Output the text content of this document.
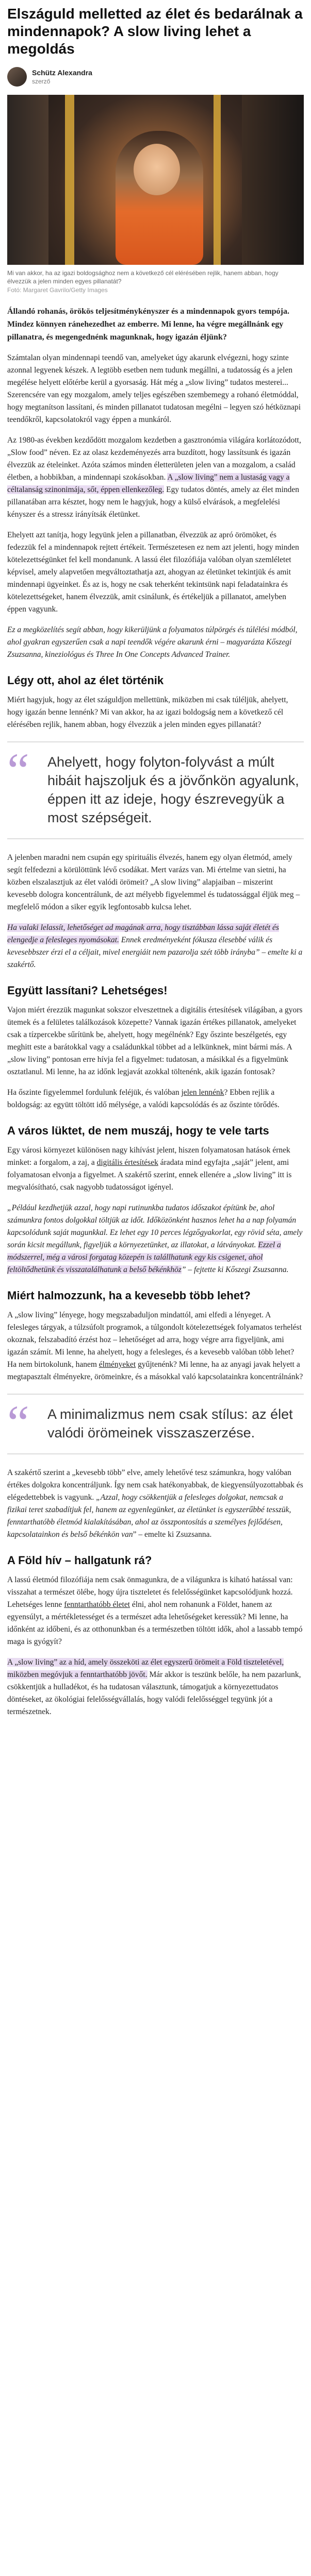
Elszáguld melletted az élet és bedarálnak a mindennapok? A slow living lehet a megoldás
Schütz Alexandra
szerző
Mi van akkor, ha az igazi boldogsághoz nem a következő cél elérésében rejlik, hanem abban, hogy élvezzük a jelen minden egyes pillanatát?
Fotó: Margaret Gavrilo/Getty Images

Állandó rohanás, örökös teljesítménykényszer és a mindennapok gyors tempója. Mindez könnyen ránehezedhet az emberre. Mi lenne, ha végre megállnánk egy pillanatra, és megengednénk magunknak, hogy igazán éljünk?

Számtalan olyan mindennapi teendő van, amelyeket úgy akarunk elvégezni, hogy szinte azonnal legyenek készek. A legtöbb esetben nem tudunk megállni, a tudatosság és a jelen megélése helyett előtérbe kerül a gyorsaság. Hát még a „slow living” tudatos mesterei... Szerencsére van egy mozgalom, amely teljes egészében szembemegy a rohanó életmóddal, hogy megtanítson lassítani, és minden pillanatot tudatosan megélni – legyen szó hétköznapi teendőkről, kapcsolatokról vagy éppen a munkáról.

Az 1980-as években kezdődött mozgalom kezdetben a gasztronómia világára korlátozódott, „Slow food” néven. Ez az olasz kezdeményezés arra buzdított, hogy lassítsunk és igazán élvezzük az ételeinket. Azóta számos minden életterületen jelen van a mozgalom, a család életben, a hobbikban, a mindennapi szokásokban. A „slow living” nem a lustaság vagy a céltalanság szinonimája, sőt, éppen ellenkezőleg. Egy tudatos döntés, amely az élet minden pillanatában arra késztet, hogy nem le hagyjuk, hogy a külső elvárások, a megfelelési kényszer és a stressz irányítsák életünket.

Ehelyett azt tanítja, hogy legyünk jelen a pillanatban, élvezzük az apró örömöket, és fedezzük fel a mindennapok rejtett értékeit. Természetesen ez nem azt jelenti, hogy minden kötelezettségünket fel kell mondanunk. A lassú élet filozófiája valóban olyan szemléletet képvisel, amely alapvetően megváltoztathatja azt, ahogyan az életünket tekintjük és amit mindennapi ügyeinket. És az is, hogy ne csak teherként tekintsünk napi feladatainkra és kötelezettségeket, hanem élvezzük, amit csinálunk, és értékeljük a pillanatot, amelyben éppen vagyunk.

Ez a megközelítés segít abban, hogy kikerüljünk a folyamatos túlpörgés és túlélési módból, ahol gyakran egyszerűen csak a napi teendők végére akarunk érni – magyarázta Kőszegi Zsuzsanna, kineziológus és Three In One Concepts Advanced Trainer.

Légy ott, ahol az élet történik

Miért hagyjuk, hogy az élet száguldjon mellettünk, miközben mi csak túléljük, ahelyett, hogy igazán benne lennénk? Mi van akkor, ha az igazi boldogság nem a következő cél elérésében rejlik, hanem abban, hogy élvezzük a jelen minden egyes pillanatát?

“	Ahelyett, hogy folyton-folyvást a múlt hibáit hajszoljuk és a jövőnkön agyalunk, éppen itt az ideje, hogy észrevegyük a most szépségeit.

A jelenben maradni nem csupán egy spirituális élvezés, hanem egy olyan életmód, amely segít felfedezni a körülöttünk lévő csodákat. Mert varázs van. Mi értelme van sietni, ha közben elszalasztjuk az élet valódi örömeit? „A slow living” alapjaiban – miszerint kevesebb dologra koncentrálunk, de azt mélyebb figyelemmel és tudatossággal éljük meg – megfelelő módon a siker egyik legfontosabb kulcsa lehet.

Ha valaki lelassít, lehetőséget ad magának arra, hogy tisztábban lássa saját életét és elengedje a felesleges nyomásokat. Ennek eredményeként fókusza élesebbé válik és kevesebbszer érzi el a céljait, mivel energiáit nem pazarolja szét több irányba” – emelte ki a szakértő.

Együtt lassítani? Lehetséges!

Vajon miért érezzük magunkat sokszor elveszettnek a digitális értesítések világában, a gyors ütemek és a felületes találkozások közepette? Vannak igazán értékes pillanatok, amelyeket csak a tízpercekbe sűrítünk be, ahelyett, hogy megélnénk? Egy őszinte beszélgetés, egy meghitt este a barátokkal vagy a családunkkal többet ad a lelkünknek, mint bármi más. A „slow living” pontosan erre hívja fel a figyelmet: tudatosan, a másikkal és a figyelmünk osztatlanul. Mi lenne, ha az időnk legjavát azokkal töltenénk, akik igazán fontosak?

Ha őszinte figyelemmel fordulunk feléjük, és valóban jelen lennénk? Ebben rejlik a boldogság: az együtt töltött idő mélysége, a valódi kapcsolódás és az őszinte törődés.

A város lüktet, de nem muszáj, hogy te vele tarts

Egy városi környezet különösen nagy kihívást jelent, hiszen folyamatosan hatások érnek minket: a forgalom, a zaj, a digitális értesítések áradata mind egyfajta „saját” jelent, ami folyamatosan elvonja a figyelmet. A szakértő szerint, ennek ellenére a „slow living” itt is megvalósítható, csak nagyobb tudatosságot igényel.

„Például kezdhetjük azzal, hogy napi rutinunkba tudatos időszakot építünk be, ahol számunkra fontos dolgokkal töltjük az időt. Időközönként hasznos lehet ha a nap folyamán kapcsolódunk saját magunkkal. Ez lehet egy 10 perces légzőgyakorlat, egy rövid séta, amely során kicsit megállunk, figyeljük a környezetünket, az illatokat, a látványokat. Ezzel a módszerrel, még a városi forgatag közepén is talállhatunk egy kis csigenet, ahol feltöltődhetünk és visszatalálhatunk a belső békénkhöz” – fejtette ki Kőszegi Zsuzsanna.

Miért halmozzunk, ha a kevesebb több lehet?

A „slow living” lényege, hogy megszabaduljon mindattól, ami elfedi a lényeget. A felesleges tárgyak, a túlzsúfolt programok, a túlgondolt kötelezettségek folyamatos terhelést okoznak, felszabadító érzést hoz – lehetőséget ad arra, hogy végre arra figyeljünk, ami igazán számít. Mi lenne, ha ahelyett, hogy a felesleges, és a kevesebb valóban több lehet? Ha nem birtokolunk, hanem élményeket gyűjtenénk? Mi lenne, ha az anyagi javak helyett a megtapasztalt élményekre, örömeinkre, és a másokkal való kapcsolatainkra koncentrálnánk?

“	A minimalizmus nem csak stílus: az élet valódi örömeinek visszaszerzése.

A szakértő szerint a „kevesebb több” elve, amely lehetővé tesz számunkra, hogy valóban értékes dolgokra koncentráljunk. Így nem csak hatékonyabbak, de kiegyensúlyozottabbak és elégedettebbek is vagyunk. „Azzal, hogy csökkentjük a felesleges dolgokat, nemcsak a fizikai teret szabadítjuk fel, hanem az egyenlegünket, az életünket is egyszerűbbé tesszük, fenntarthatóbb életmód kialakításában, ahol az összpontosítás a személyes fejlődésen, kapcsolatainkon és belső békénkön van” – emelte ki Zsuzsanna.

A Föld hív – hallgatunk rá?

A lassú életmód filozófiája nem csak önmagunkra, de a világunkra is kiható hatással van: visszahat a természet ölébe, hogy újra tiszteletet és felelősségünket kapcsolódjunk hozzá. Lehetséges lenne fenntarthatóbb életet élni, ahol nem rohanunk a Földet, hanem az egyensúlyt, a mértékletességet és a természet adta lehetőségeket keressük? Mi lenne, ha időnként az időbeni, és az otthonunkban és a természetben töltött idők, ahol a lassabb tempó maga is gyógyít?

A „slow living” az a híd, amely összeköti az élet egyszerű örömeit a Föld tiszteletével, miközben megóvjuk a fenntarthatóbb jövőt. Már akkor is teszünk belőle, ha nem pazarlunk, csökkentjük a hulladékot, és ha tudatosan választunk, támogatjuk a környezettudatos döntéseket, az ökológiai felelősségvállalás, hogy valódi felelősséggel tegyünk jót a természetnek.
